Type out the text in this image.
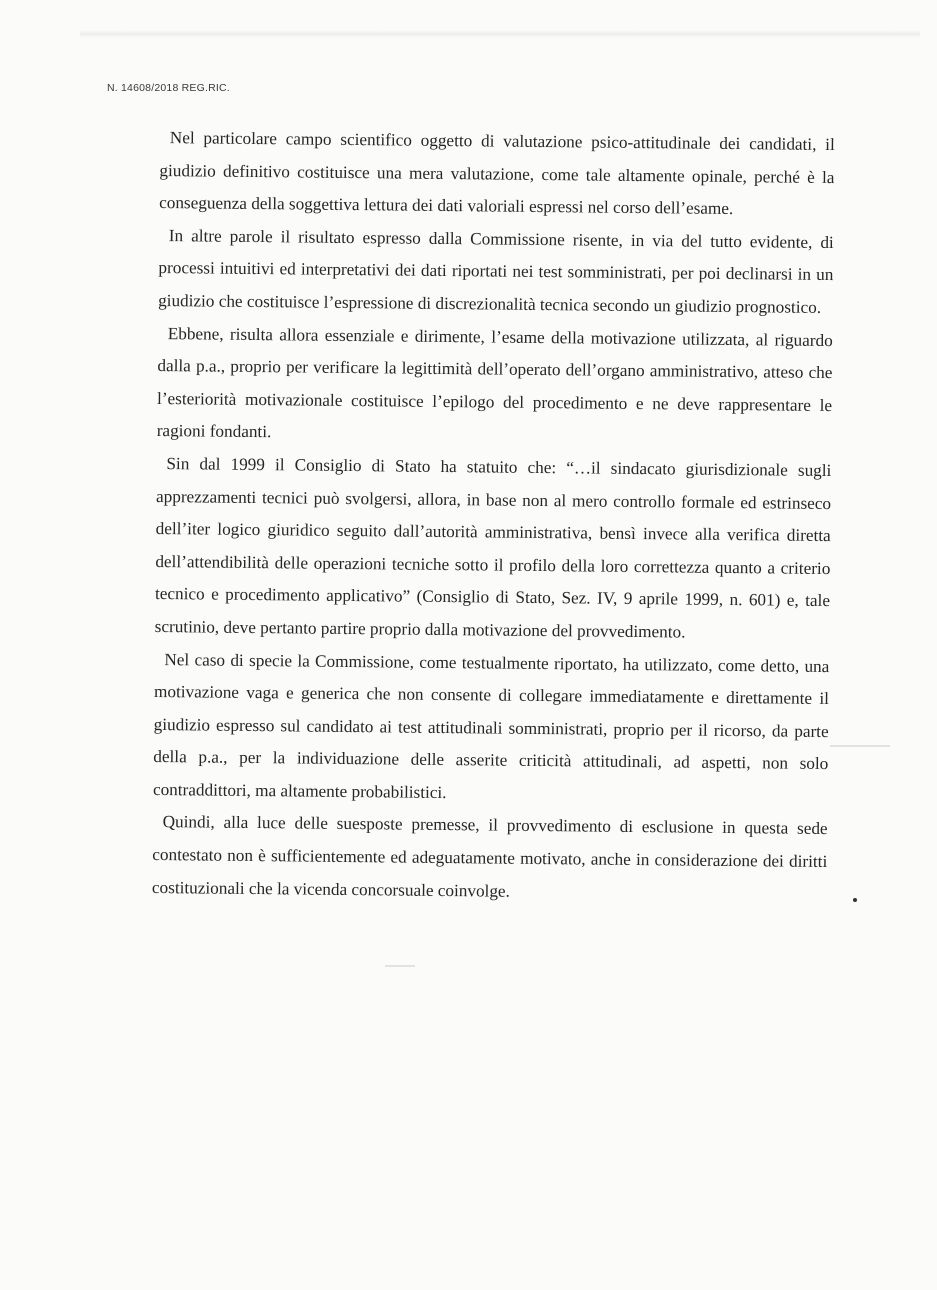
N. 14608/2018 REG.RIC.

Nel particolare campo scientifico oggetto di valutazione psico-attitudinale dei candidati, il giudizio definitivo costituisce una mera valutazione, come tale altamente opinale, perché è la conseguenza della soggettiva lettura dei dati valoriali espressi nel corso dell’esame.

In altre parole il risultato espresso dalla Commissione risente, in via del tutto evidente, di processi intuitivi ed interpretativi dei dati riportati nei test somministrati, per poi declinarsi in un giudizio che costituisce l’espressione di discrezionalità tecnica secondo un giudizio prognostico.

Ebbene, risulta allora essenziale e dirimente, l’esame della motivazione utilizzata, al riguardo dalla p.a., proprio per verificare la legittimità dell’operato dell’organo amministrativo, atteso che l’esteriorità motivazionale costituisce l’epilogo del procedimento e ne deve rappresentare le ragioni fondanti.

Sin dal 1999 il Consiglio di Stato ha statuito che: “…il sindacato giurisdizionale sugli apprezzamenti tecnici può svolgersi, allora, in base non al mero controllo formale ed estrinseco dell’iter logico giuridico seguito dall’autorità amministrativa, bensì invece alla verifica diretta dell’attendibilità delle operazioni tecniche sotto il profilo della loro correttezza quanto a criterio tecnico e procedimento applicativo” (Consiglio di Stato, Sez. IV, 9 aprile 1999, n. 601) e, tale scrutinio, deve pertanto partire proprio dalla motivazione del provvedimento.

Nel caso di specie la Commissione, come testualmente riportato, ha utilizzato, come detto, una motivazione vaga e generica che non consente di collegare immediatamente e direttamente il giudizio espresso sul candidato ai test attitudinali somministrati, proprio per il ricorso, da parte della p.a., per la individuazione delle asserite criticità attitudinali, ad aspetti, non solo contraddittori, ma altamente probabilistici.

Quindi, alla luce delle suesposte premesse, il provvedimento di esclusione in questa sede contestato non è sufficientemente ed adeguatamente motivato, anche in considerazione dei diritti costituzionali che la vicenda concorsuale coinvolge.
